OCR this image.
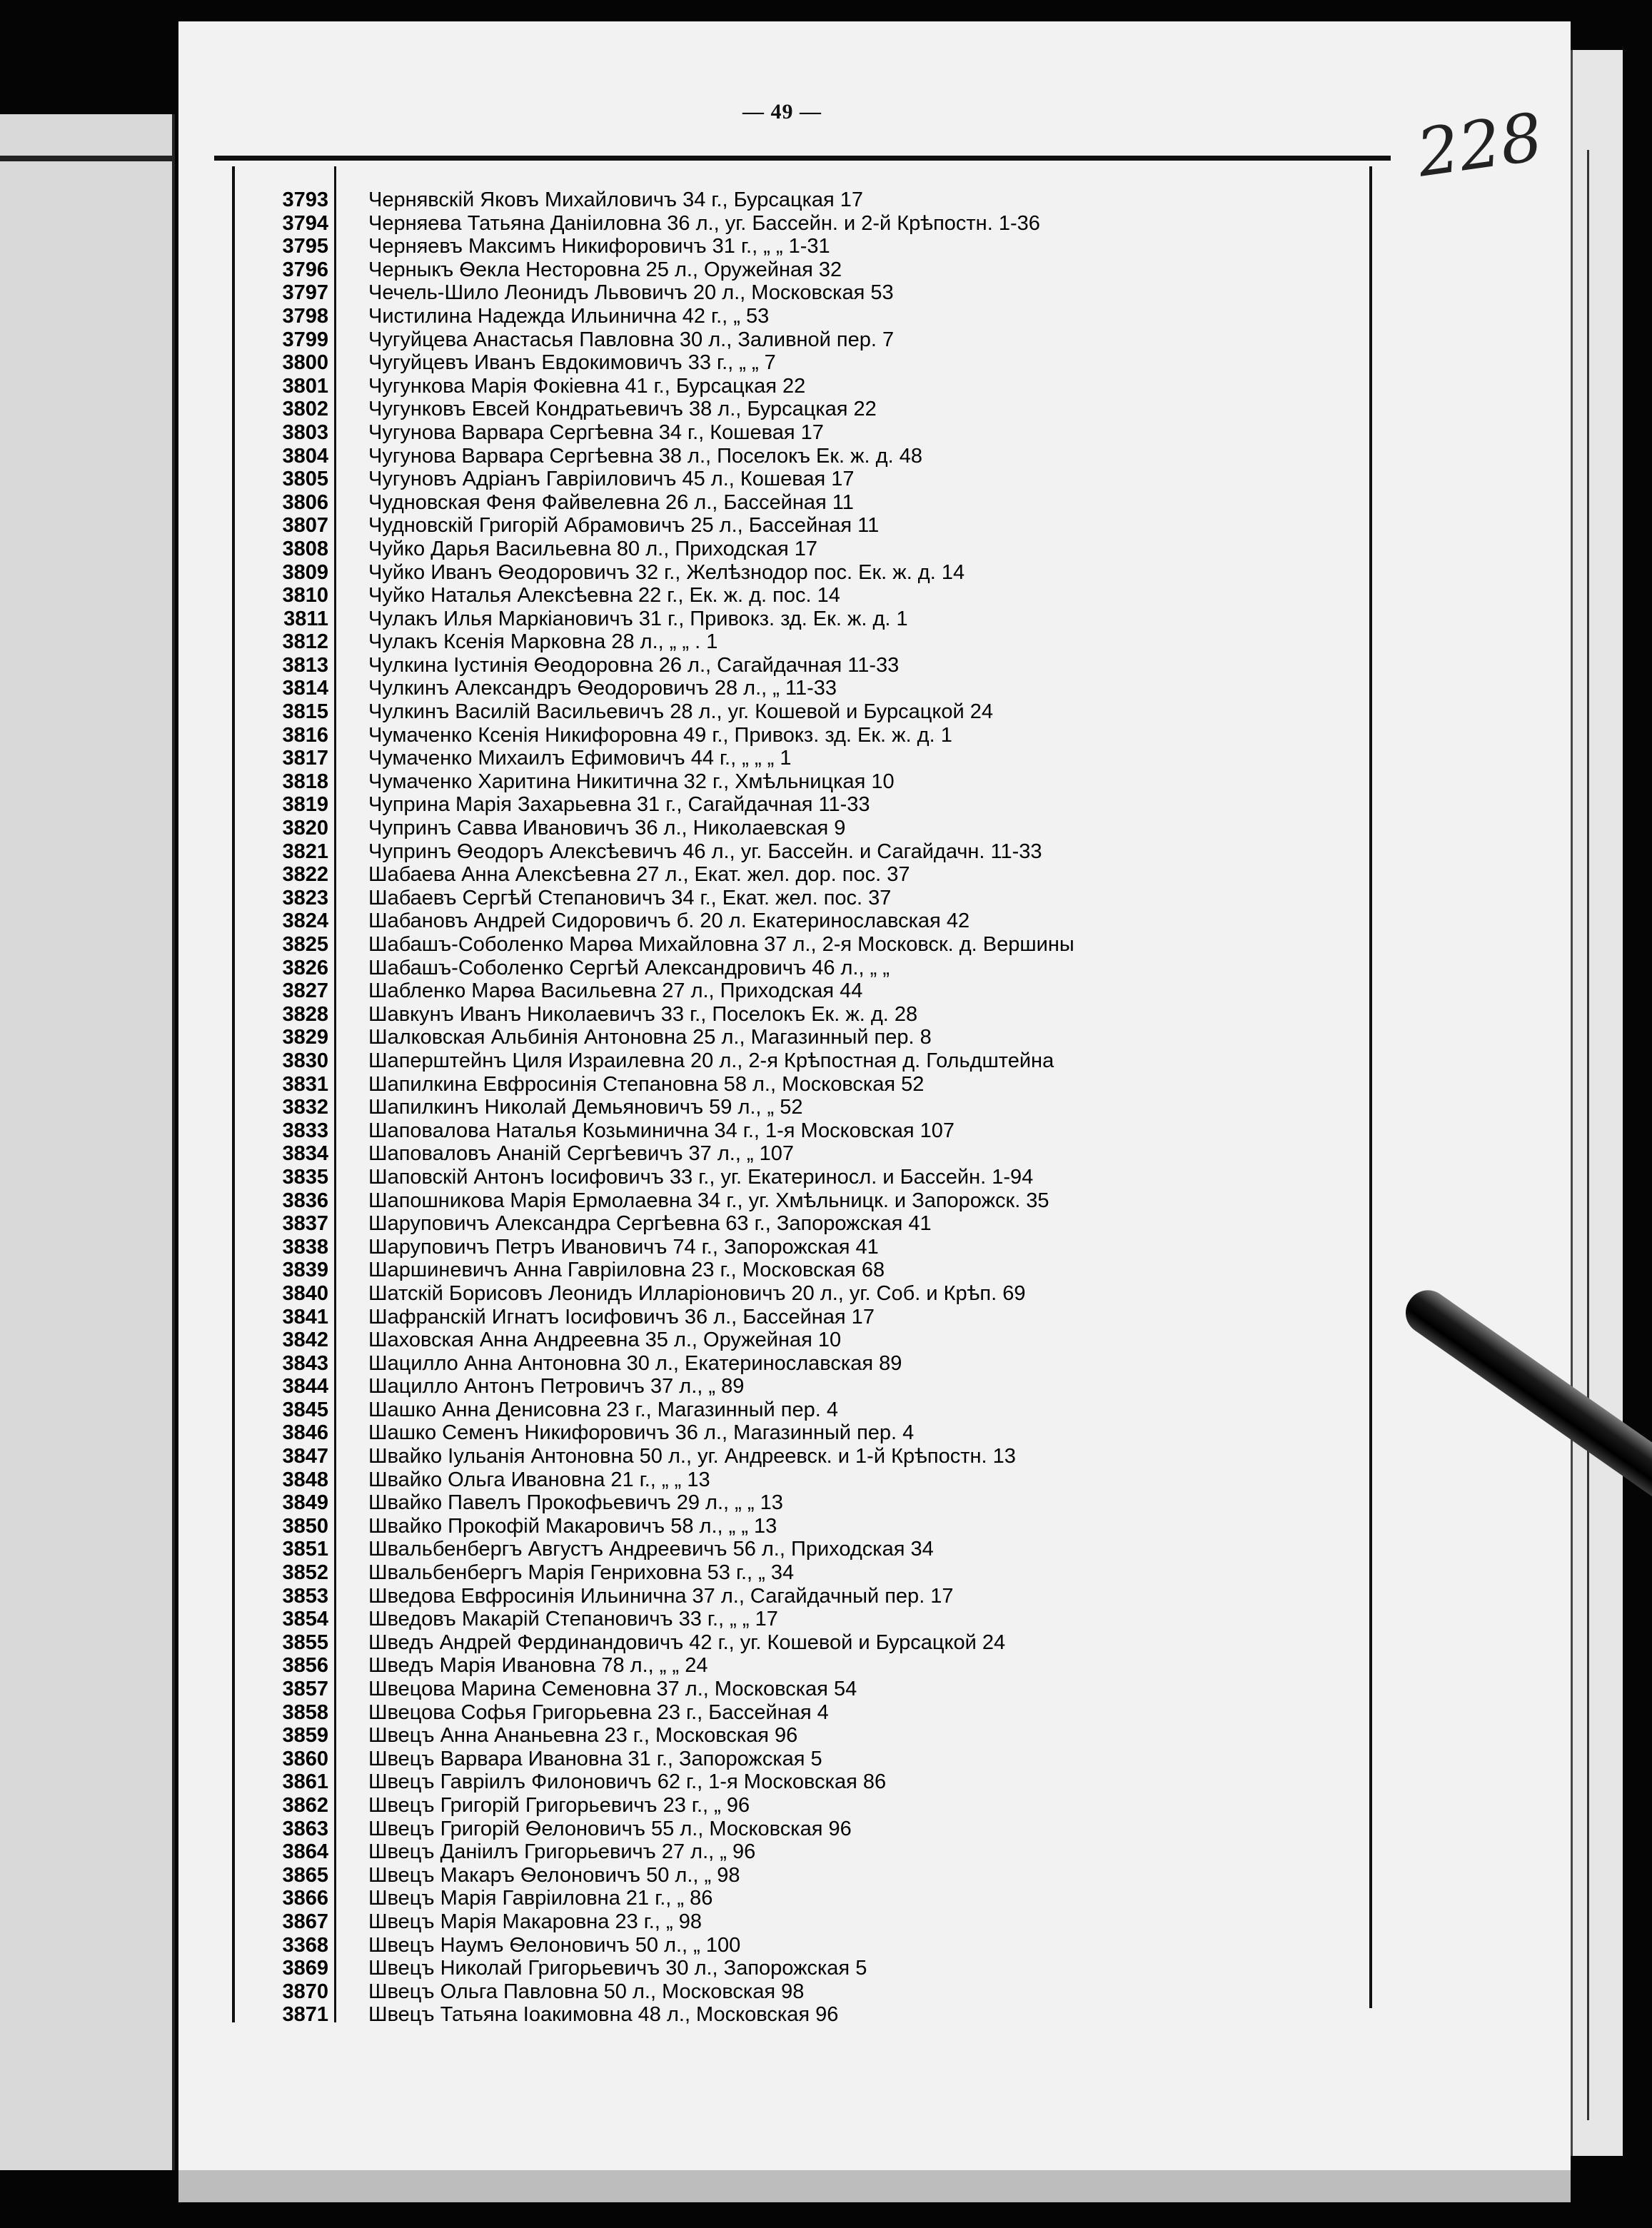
— 49 —	228
3793 Чернявскій Яковъ Михайловичъ 34 г., Бурсацкая 17
3794 Черняева Татьяна Даніиловна 36 л., уг. Бассейн. и 2-й Крѣпостн. 1-36
3795 Черняевъ Максимъ Никифоровичъ 31 г., „ „ 1-31
3796 Черныкъ Ѳекла Несторовна 25 л., Оружейная 32
3797 Чечель-Шило Леонидъ Львовичъ 20 л., Московская 53
3798 Чистилина Надежда Ильинична 42 г., „ 53
3799 Чугуйцева Анастасья Павловна 30 л., Заливной пер. 7
3800 Чугуйцевъ Иванъ Евдокимовичъ 33 г., „ „ 7
3801 Чугункова Марія Фокіевна 41 г., Бурсацкая 22
3802 Чугунковъ Евсей Кондратьевичъ 38 л., Бурсацкая 22
3803 Чугунова Варвара Сергѣевна 34 г., Кошевая 17
3804 Чугунова Варвара Сергѣевна 38 л., Поселокъ Ек. ж. д. 48
3805 Чугуновъ Адріанъ Гавріиловичъ 45 л., Кошевая 17
3806 Чудновская Феня Файвелевна 26 л., Бассейная 11
3807 Чудновскій Григорій Абрамовичъ 25 л., Бассейная 11
3808 Чуйко Дарья Васильевна 80 л., Приходская 17
3809 Чуйко Иванъ Ѳеодоровичъ 32 г., Желѣзнодор пос. Ек. ж. д. 14
3810 Чуйко Наталья Алексѣевна 22 г., Ек. ж. д. пос. 14
3811 Чулакъ Илья Маркіановичъ 31 г., Привокз. зд. Ек. ж. д. 1
3812 Чулакъ Ксенія Марковна 28 л., „ „ . 1
3813 Чулкина Іустинія Ѳеодоровна 26 л., Сагайдачная 11-33
3814 Чулкинъ Александръ Ѳеодоровичъ 28 л., „ 11-33
3815 Чулкинъ Василій Васильевичъ 28 л., уг. Кошевой и Бурсацкой 24
3816 Чумаченко Ксенія Никифоровна 49 г., Привокз. зд. Ек. ж. д. 1
3817 Чумаченко Михаилъ Ефимовичъ 44 г., „ „ „ 1
3818 Чумаченко Харитина Никитична 32 г., Хмѣльницкая 10
3819 Чуприна Марія Захарьевна 31 г., Сагайдачная 11-33
3820 Чупринъ Савва Ивановичъ 36 л., Николаевская 9
3821 Чупринъ Ѳеодоръ Алексѣевичъ 46 л., уг. Бассейн. и Сагайдачн. 11-33
3822 Шабаева Анна Алексѣевна 27 л., Екат. жел. дор. пос. 37
3823 Шабаевъ Сергѣй Степановичъ 34 г., Екат. жел. пос. 37
3824 Шабановъ Андрей Сидоровичъ б. 20 л. Екатеринославская 42
3825 Шабашъ-Соболенко Марѳа Михайловна 37 л., 2-я Московск. д. Вершины
3826 Шабашъ-Соболенко Сергѣй Александровичъ 46 л., „ „
3827 Шабленко Марѳа Васильевна 27 л., Приходская 44
3828 Шавкунъ Иванъ Николаевичъ 33 г., Поселокъ Ек. ж. д. 28
3829 Шалковская Альбинія Антоновна 25 л., Магазинный пер. 8
3830 Шаперштейнъ Циля Израилевна 20 л., 2-я Крѣпостная д. Гольдштейна
3831 Шапилкина Евфросинія Степановна 58 л., Московская 52
3832 Шапилкинъ Николай Демьяновичъ 59 л., „ 52
3833 Шаповалова Наталья Козьминична 34 г., 1-я Московская 107
3834 Шаповаловъ Ананій Сергѣевичъ 37 л., „ 107
3835 Шаповскій Антонъ Іосифовичъ 33 г., уг. Екатериносл. и Бассейн. 1-94
3836 Шапошникова Марія Ермолаевна 34 г., уг. Хмѣльницк. и Запорожск. 35
3837 Шаруповичъ Александра Сергѣевна 63 г., Запорожская 41
3838 Шаруповичъ Петръ Ивановичъ 74 г., Запорожская 41
3839 Шаршиневичъ Анна Гавріиловна 23 г., Московская 68
3840 Шатскій Борисовъ Леонидъ Илларіоновичъ 20 л., уг. Соб. и Крѣп. 69
3841 Шафранскій Игнатъ Іосифовичъ 36 л., Бассейная 17
3842 Шаховская Анна Андреевна 35 л., Оружейная 10
3843 Шацилло Анна Антоновна 30 л., Екатеринославская 89
3844 Шацилло Антонъ Петровичъ 37 л., „ 89
3845 Шашко Анна Денисовна 23 г., Магазинный пер. 4
3846 Шашко Семенъ Никифоровичъ 36 л., Магазинный пер. 4
3847 Швайко Іульанія Антоновна 50 л., уг. Андреевск. и 1-й Крѣпостн. 13
3848 Швайко Ольга Ивановна 21 г., „ „ 13
3849 Швайко Павелъ Прокофьевичъ 29 л., „ „ 13
3850 Швайко Прокофій Макаровичъ 58 л., „ „ 13
3851 Швальбенбергъ Августъ Андреевичъ 56 л., Приходская 34
3852 Швальбенбергъ Марія Генриховна 53 г., „ 34
3853 Шведова Евфросинія Ильинична 37 л., Сагайдачный пер. 17
3854 Шведовъ Макарій Степановичъ 33 г., „ „ 17
3855 Шведъ Андрей Фердинандовичъ 42 г., уг. Кошевой и Бурсацкой 24
3856 Шведъ Марія Ивановна 78 л., „ „ 24
3857 Швецова Марина Семеновна 37 л., Московская 54
3858 Швецова Софья Григорьевна 23 г., Бассейная 4
3859 Швецъ Анна Ананьевна 23 г., Московская 96
3860 Швецъ Варвара Ивановна 31 г., Запорожская 5
3861 Швецъ Гавріилъ Филоновичъ 62 г., 1-я Московская 86
3862 Швецъ Григорій Григорьевичъ 23 г., „ 96
3863 Швецъ Григорій Ѳелоновичъ 55 л., Московская 96
3864 Швецъ Даніилъ Григорьевичъ 27 л., „ 96
3865 Швецъ Макаръ Ѳелоновичъ 50 л., „ 98
3866 Швецъ Марія Гавріиловна 21 г., „ 86
3867 Швецъ Марія Макаровна 23 г., „ 98
3368 Швецъ Наумъ Ѳелоновичъ 50 л., „ 100
3869 Швецъ Николай Григорьевичъ 30 л., Запорожская 5
3870 Швецъ Ольга Павловна 50 л., Московская 98
3871 Швецъ Татьяна Іоакимовна 48 л., Московская 96
